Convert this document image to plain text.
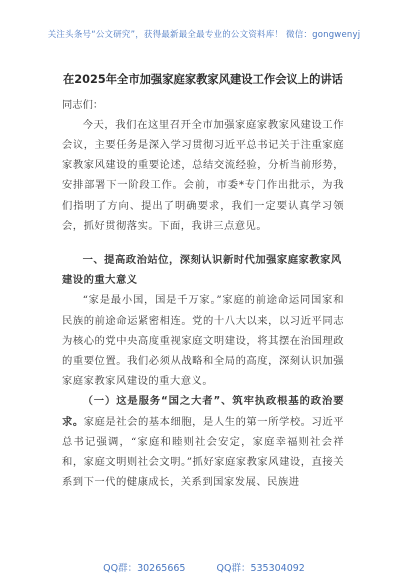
关注头条号“公文研究”，获得最新最全最专业的公文资料库！ 微信：gongwenyj

在2025年全市加强家庭家教家风建设工作会议上的讲话

同志们：

今天，我们在这里召开全市加强家庭家教家风建设工作会议，主要任务是深入学习贯彻习近平总书记关于注重家庭家教家风建设的重要论述，总结交流经验，分析当前形势，安排部署下一阶段工作。会前，市委*专门作出批示，为我们指明了方向、提出了明确要求，我们一定要认真学习领会，抓好贯彻落实。下面，我讲三点意见。

一、提高政治站位，深刻认识新时代加强家庭家教家风建设的重大意义

“家是最小国，国是千万家。”家庭的前途命运同国家和民族的前途命运紧密相连。党的十八大以来，以习近平同志为核心的党中央高度重视家庭文明建设，将其摆在治国理政的重要位置。我们必须从战略和全局的高度，深刻认识加强家庭家教家风建设的重大意义。

（一）这是服务“国之大者”、筑牢执政根基的政治要求。家庭是社会的基本细胞，是人生的第一所学校。习近平总书记强调，“家庭和睦则社会安定，家庭幸福则社会祥和，家庭文明则社会文明。”抓好家庭家教家风建设，直接关系到下一代的健康成长，关系到国家发展、民族进

QQ群：30265665	QQ群：535304092
